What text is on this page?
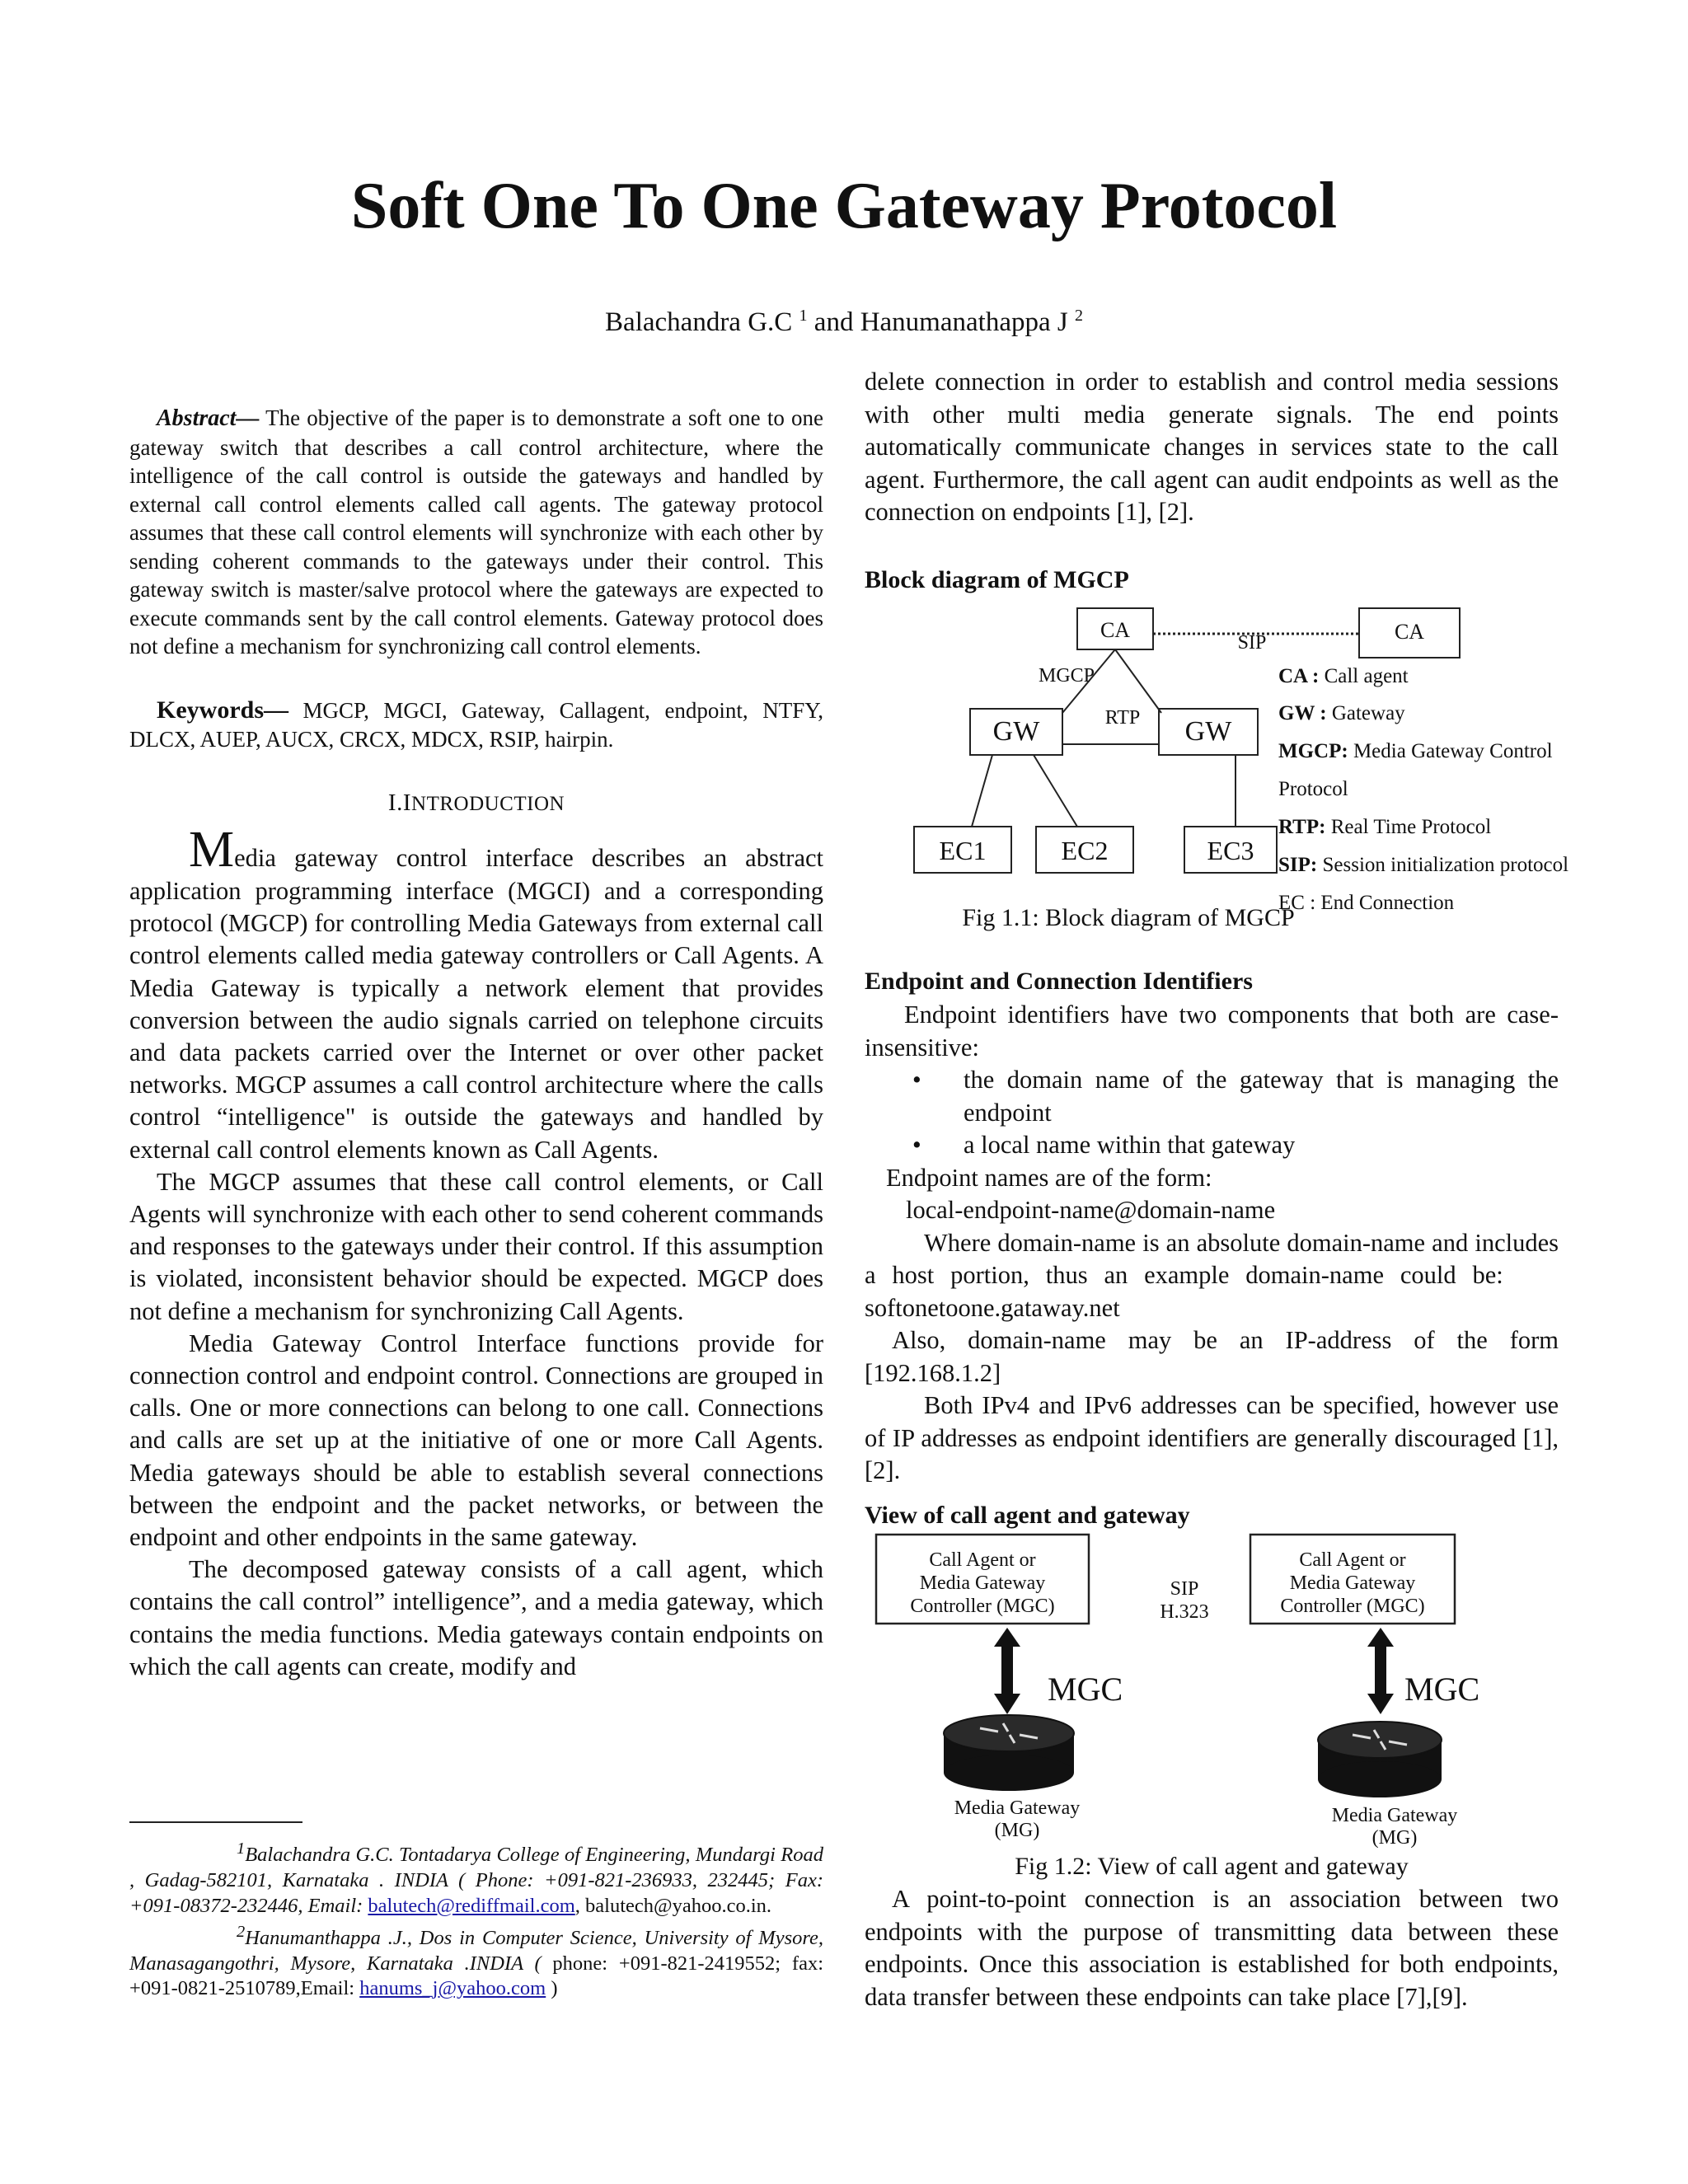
Soft One To One Gateway Protocol
Balachandra G.C $^1$ and Hanumanathappa J $^2$

Abstract— The objective of the paper is to demonstrate a soft one to one gateway switch that describes a call control architecture, where the intelligence of the call control is outside the gateways and handled by external call control elements called call agents. The gateway protocol assumes that these call control elements will synchronize with each other by sending coherent commands to the gateways under their control. This gateway switch is master/salve protocol where the gateways are expected to execute commands sent by the call control elements. Gateway protocol does not define a mechanism for synchronizing call control elements.

Keywords— MGCP, MGCI, Gateway, Callagent, endpoint, NTFY, DLCX, AUEP, AUCX, CRCX, MDCX, RSIP, hairpin.

I.INTRODUCTION

Media gateway control interface describes an abstract application programming interface (MGCI) and a corresponding protocol (MGCP) for controlling Media Gateways from external call control elements called media gateway controllers or Call Agents. A Media Gateway is typically a network element that provides conversion between the audio signals carried on telephone circuits and data packets carried over the Internet or over other packet networks. MGCP assumes a call control architecture where the calls control “intelligence" is outside the gateways and handled by external call control elements known as Call Agents.

The MGCP assumes that these call control elements, or Call Agents will synchronize with each other to send coherent commands and responses to the gateways under their control. If this assumption is violated, inconsistent behavior should be expected. MGCP does not define a mechanism for synchronizing Call Agents.

Media Gateway Control Interface functions provide for connection control and endpoint control. Connections are grouped in calls. One or more connections can belong to one call. Connections and calls are set up at the initiative of one or more Call Agents. Media gateways should be able to establish several connections between the endpoint and the packet networks, or between the endpoint and other endpoints in the same gateway.

The decomposed gateway consists of a call agent, which contains the call control” intelligence”, and a media gateway, which contains the media functions. Media gateways contain endpoints on which the call agents can create, modify and

$^1$Balachandra G.C. Tontadarya College of Engineering, Mundargi Road , Gadag-582101, Karnataka . INDIA ( Phone: +091-821-236933, 232445; Fax: +091-08372-232446, Email: balutech@rediffmail.com, balutech@yahoo.co.in.

$^2$Hanumanthappa .J., Dos in Computer Science, University of Mysore, Manasagangothri, Mysore, Karnataka .INDIA ( phone: +091-821-2419552; fax: +091-0821-2510789,Email: hanums_j@yahoo.com )

delete connection in order to establish and control media sessions with other multi media generate signals. The end points automatically communicate changes in services state to the call agent. Furthermore, the call agent can audit endpoints as well as the connection on endpoints [1], [2].

Block diagram of MGCP
CA	CA
SIP
MGCP
RTP
GW	GW
EC1	EC2	EC3
CA : Call agent
GW : Gateway
MGCP: Media Gateway Control
Protocol
RTP: Real Time Protocol
SIP: Session initialization protocol
EC : End Connection
Fig 1.1: Block diagram of MGCP
Endpoint and Connection Identifiers

Endpoint identifiers have two components that both are case- insensitive:

• the domain name of the gateway that is managing the endpoint
• a local name within that gateway

Endpoint names are of the form:

local-endpoint-name@domain-name

Where domain-name is an absolute domain-name and includes a host portion, thus an example domain-name could be:     softonetoone.gataway.net

Also, domain-name may be an IP-address of the form [192.168.1.2]

Both IPv4 and IPv6 addresses can be specified, however use of IP addresses as endpoint identifiers are generally discouraged [1], [2].

View of call agent and gateway
Call Agent or
Media Gateway
Controller (MGC)
Call Agent or
Media Gateway
Controller (MGC)
SIP
H.323
MGC	MGC
Media Gateway
(MG)
Media Gateway
(MG)
Fig 1.2: View of call agent and gateway

A point-to-point connection is an association between two endpoints with the purpose of transmitting data between these endpoints. Once this association is established for both endpoints, data transfer between these endpoints can take place [7],[9].
